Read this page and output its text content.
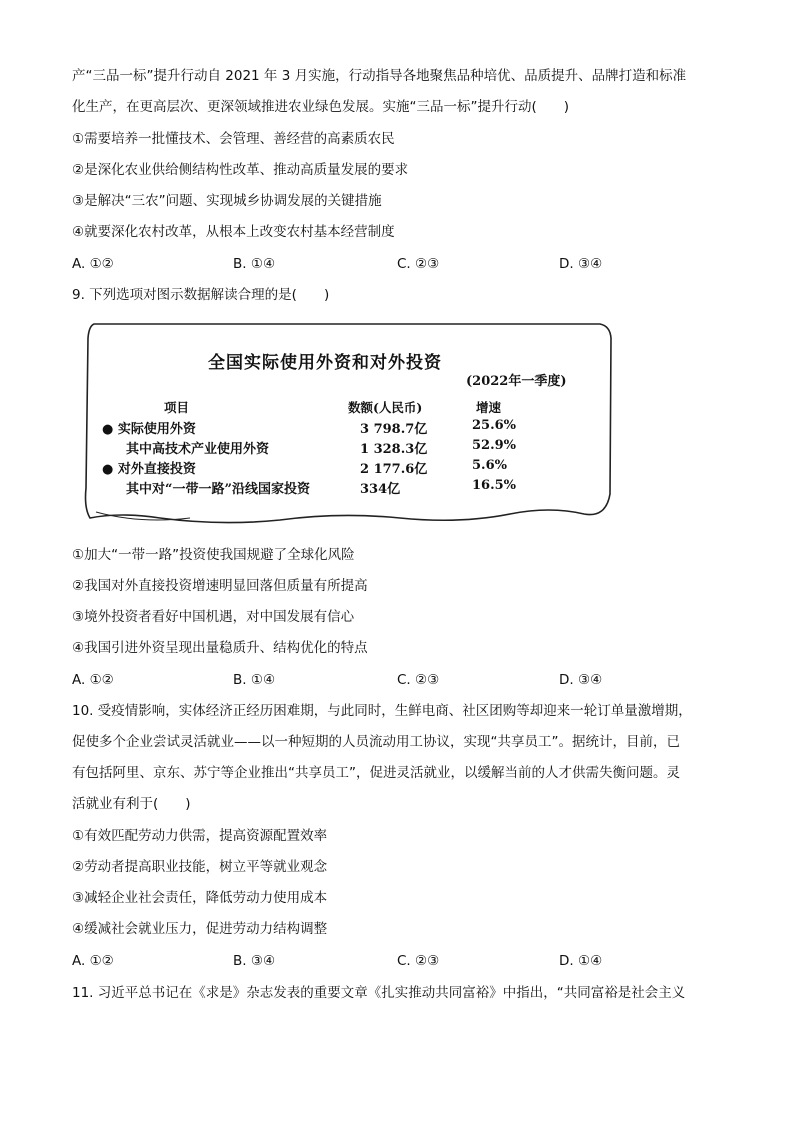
产“三品一标”提升行动自 2021 年 3 月实施，行动指导各地聚焦品种培优、品质提升、品牌打造和标准
化生产，在更高层次、更深领域推进农业绿色发展。实施“三品一标”提升行动(　　)
①需要培养一批懂技术、会管理、善经营的高素质农民
②是深化农业供给侧结构性改革、推动高质量发展的要求
③是解决“三农”问题、实现城乡协调发展的关键措施
④就要深化农村改革，从根本上改变农村基本经营制度
A. ①②	B. ①④	C. ②③	D. ③④
9. 下列选项对图示数据解读合理的是(　　)
全国实际使用外资和对外投资
(2022年一季度)
项目	数额(人民币)	增速
● 实际使用外资	3 798.7亿	25.6%
其中高技术产业使用外资	1 328.3亿	52.9%
● 对外直接投资	2 177.6亿	5.6%
其中对“一带一路”沿线国家投资	334亿	16.5%
①加大“一带一路”投资使我国规避了全球化风险
②我国对外直接投资增速明显回落但质量有所提高
③境外投资者看好中国机遇，对中国发展有信心
④我国引进外资呈现出量稳质升、结构优化的特点
A. ①②	B. ①④	C. ②③	D. ③④
10. 受疫情影响，实体经济正经历困难期，与此同时，生鲜电商、社区团购等却迎来一轮订单量激增期，
促使多个企业尝试灵活就业——以一种短期的人员流动用工协议，实现“共享员工”。据统计，目前，已
有包括阿里、京东、苏宁等企业推出“共享员工”，促进灵活就业，以缓解当前的人才供需失衡问题。灵
活就业有利于(　　)
①有效匹配劳动力供需，提高资源配置效率
②劳动者提高职业技能，树立平等就业观念
③减轻企业社会责任，降低劳动力使用成本
④缓减社会就业压力，促进劳动力结构调整
A. ①②	B. ③④	C. ②③	D. ①④
11. 习近平总书记在《求是》杂志发表的重要文章《扎实推动共同富裕》中指出，“共同富裕是社会主义
